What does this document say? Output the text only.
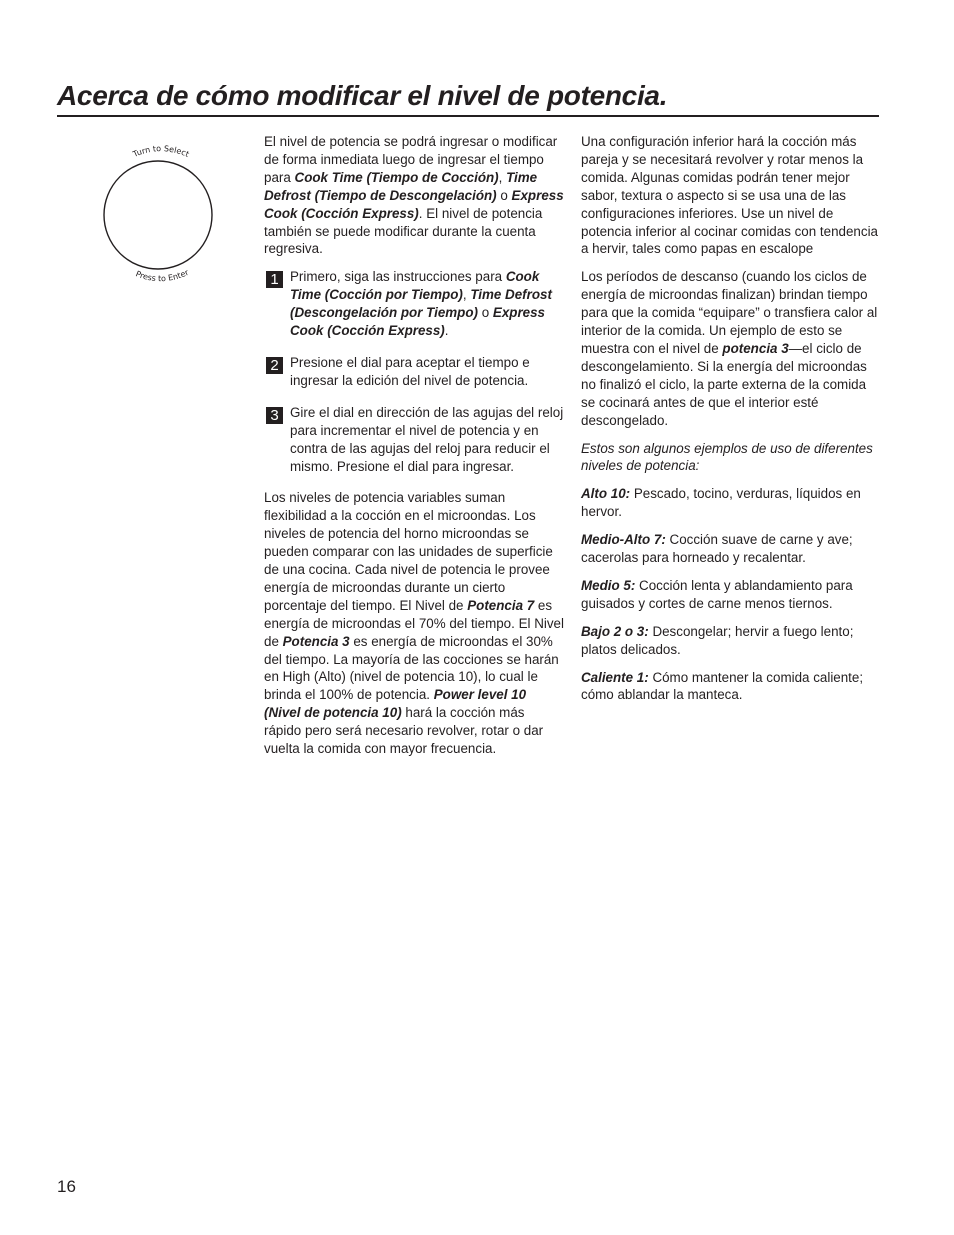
Acerca de cómo modificar el nivel de potencia.
Turn to Select
Press to Enter

El nivel de potencia se podrá ingresar o modificar de forma inmediata luego de ingresar el tiempo para Cook Time (Tiempo de Cocción), Time Defrost (Tiempo de Descongelación) o Express Cook (Cocción Express). El nivel de potencia también se puede modificar durante la cuenta regresiva.

1 Primero, siga las instrucciones para Cook Time (Cocción por Tiempo), Time Defrost (Descongelación por Tiempo) o Express Cook (Cocción Express).
2 Presione el dial para aceptar el tiempo e ingresar la edición del nivel de potencia.
3 Gire el dial en dirección de las agujas del reloj para incrementar el nivel de potencia y en contra de las agujas del reloj para reducir el mismo. Presione el dial para ingresar.

Los niveles de potencia variables suman flexibilidad a la cocción en el microondas. Los niveles de potencia del horno microondas se pueden comparar con las unidades de superficie de una cocina. Cada nivel de potencia le provee energía de microondas durante un cierto porcentaje del tiempo. El Nivel de Potencia 7 es energía de microondas el 70% del tiempo. El Nivel de Potencia 3 es energía de microondas el 30% del tiempo. La mayoría de las cocciones se harán en High (Alto) (nivel de potencia 10), lo cual le brinda el 100% de potencia. Power level 10 (Nivel de potencia 10) hará la cocción más rápido pero será necesario revolver, rotar o dar vuelta la comida con mayor frecuencia.

Una configuración inferior hará la cocción más pareja y se necesitará revolver y rotar menos la comida. Algunas comidas podrán tener mejor sabor, textura o aspecto si se usa una de las configuraciones inferiores. Use un nivel de potencia inferior al cocinar comidas con tendencia a hervir, tales como papas en escalope

Los períodos de descanso (cuando los ciclos de energía de microondas finalizan) brindan tiempo para que la comida “equipare” o transfiera calor al interior de la comida. Un ejemplo de esto se muestra con el nivel de potencia 3—el ciclo de descongelamiento. Si la energía del microondas no finalizó el ciclo, la parte externa de la comida se cocinará antes de que el interior esté descongelado.

Estos son algunos ejemplos de uso de diferentes niveles de potencia:

Alto 10: Pescado, tocino, verduras, líquidos en hervor.

Medio-Alto 7: Cocción suave de carne y ave; cacerolas para horneado y recalentar.

Medio 5: Cocción lenta y ablandamiento para guisados y cortes de carne menos tiernos.

Bajo 2 o 3: Descongelar; hervir a fuego lento; platos delicados.

Caliente 1: Cómo mantener la comida caliente; cómo ablandar la manteca.

16
